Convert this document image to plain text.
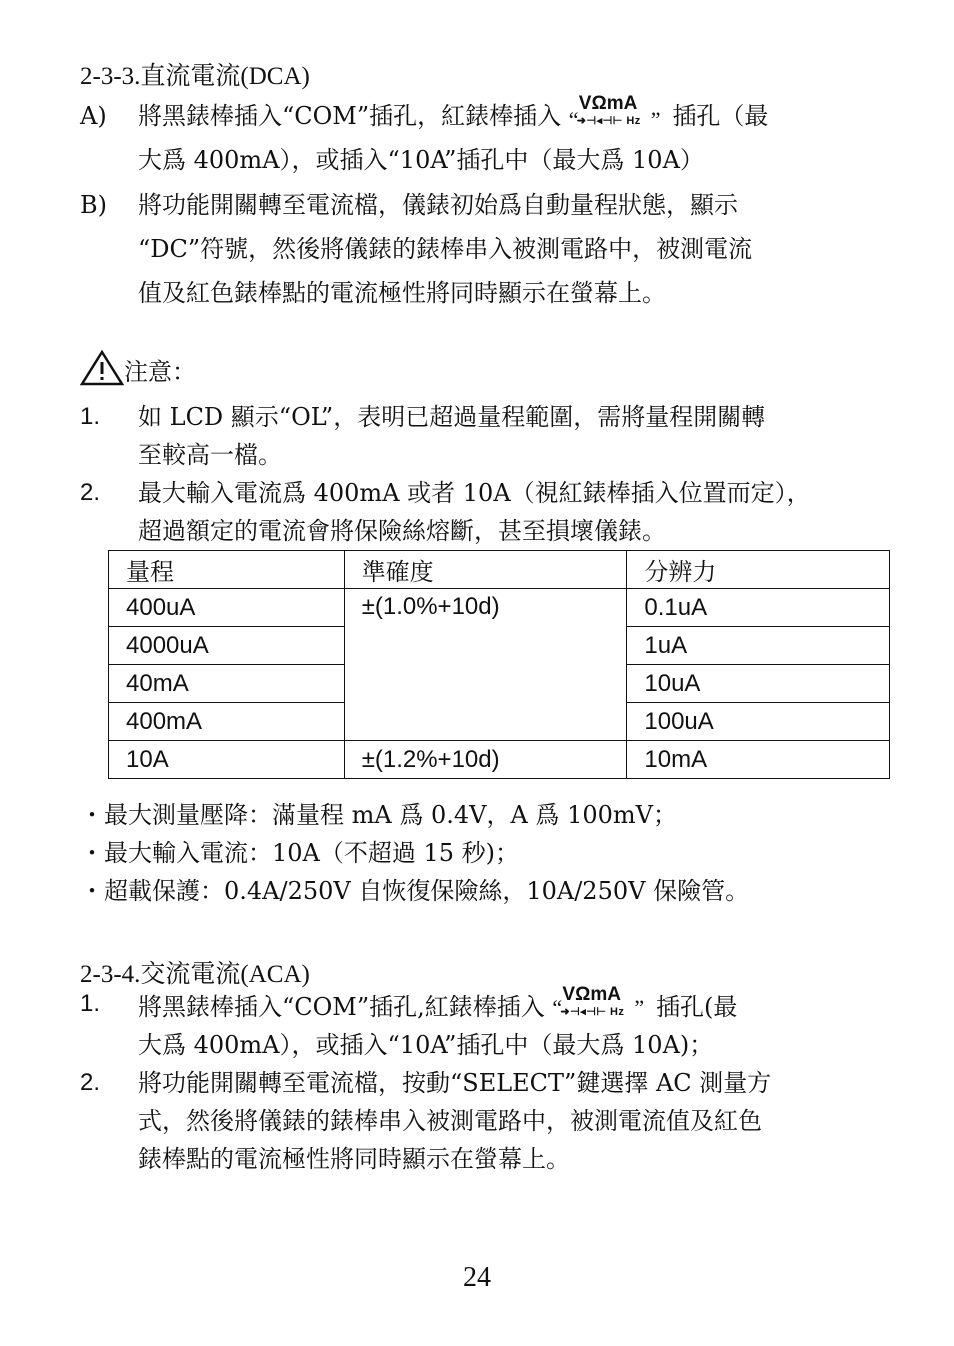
2-3-3.直流電流(DCA)
A) 將黑錶棒插入“COM”插孔，紅錶棒插入 “
VΩmA
➜⊣◂⊣⊢ Hz ” 插孔（最
大爲 400mA），或插入“10A”插孔中（最大爲 10A）
B) 將功能開關轉至電流檔，儀錶初始爲自動量程狀態，顯示
“DC”符號，然後將儀錶的錶棒串入被測電路中，被測電流
值及紅色錶棒點的電流極性將同時顯示在螢幕上。
注意：
1. 如 LCD 顯示“OL”，表明已超過量程範圍，需將量程開關轉
至較高一檔。
2. 最大輸入電流爲 400mA 或者 10A（視紅錶棒插入位置而定），
超過額定的電流會將保險絲熔斷，甚至損壞儀錶。
量程	準確度	分辨力
400uA	±(1.0%+10d)	0.1uA
4000uA		1uA
40mA		10uA
400mA		100uA
10A	±(1.2%+10d)	10mA
・最大測量壓降：滿量程 mA 爲 0.4V，A 爲 100mV；
・最大輸入電流：10A（不超過 15 秒)；
・超載保護：0.4A/250V 自恢復保險絲，10A/250V 保險管。
2-3-4.交流電流(ACA)
1. 將黑錶棒插入“COM”插孔,紅錶棒插入 “
VΩmA
➜⊣◂⊣⊢ Hz ” 插孔(最
大爲 400mA），或插入“10A”插孔中（最大爲 10A)；
2. 將功能開關轉至電流檔，按動“SELECT”鍵選擇 AC 測量方
式，然後將儀錶的錶棒串入被測電路中，被測電流值及紅色
錶棒點的電流極性將同時顯示在螢幕上。
24
